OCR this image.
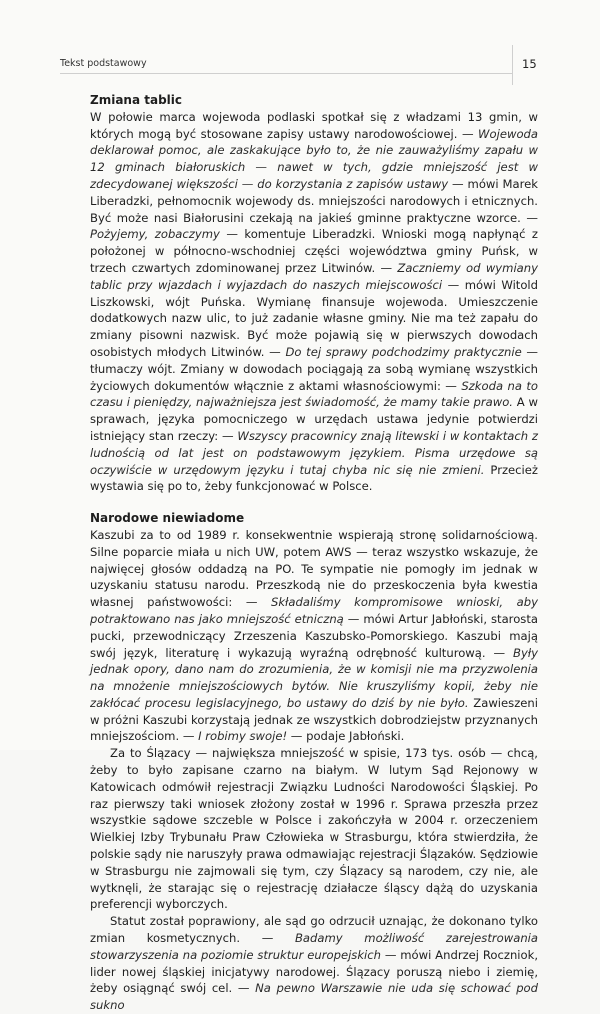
Tekst podstawowy	15
Zmiana tablic

W połowie marca wojewoda podlaski spotkał się z władzami 13 gmin, w których mogą być stosowane zapisy ustawy narodowościowej. — Wojewoda deklarował pomoc, ale zaskakujące było to, że nie zauważyliśmy zapału w 12 gminach białoruskich — nawet w tych, gdzie mniejszość jest w zdecydowanej większości — do korzystania z zapisów ustawy — mówi Marek Liberadzki, pełnomocnik wojewody ds. mniejszości narodowych i etnicznych. Być może nasi Białorusini czekają na jakieś gminne praktyczne wzorce. — Pożyjemy, zobaczymy — komentuje Liberadzki. Wnioski mogą napłynąć z położonej w północno-wschodniej części województwa gminy Puńsk, w trzech czwartych zdominowanej przez Litwinów. — Zaczniemy od wymiany tablic przy wjazdach i wyjazdach do naszych miejscowości — mówi Witold Liszkowski, wójt Puńska. Wymianę finansuje wojewoda. Umieszczenie dodatkowych nazw ulic, to już zadanie własne gminy. Nie ma też zapału do zmiany pisowni nazwisk. Być może pojawią się w pierwszych dowodach osobistych młodych Litwinów. — Do tej sprawy podchodzimy praktycznie — tłumaczy wójt. Zmiany w dowodach pociągają za sobą wymianę wszystkich życiowych dokumentów włącznie z aktami własnościowymi: — Szkoda na to czasu i pieniędzy, najważniejsza jest świadomość, że mamy takie prawo. A w sprawach, języka pomocniczego w urzędach ustawa jedynie potwierdzi istniejący stan rzeczy: — Wszyscy pracownicy znają litewski i w kontaktach z ludnością od lat jest on podstawowym językiem. Pisma urzędowe są oczywiście w urzędowym języku i tutaj chyba nic się nie zmieni. Przecież wystawia się po to, żeby funkcjonować w Polsce.

Narodowe niewiadome

Kaszubi za to od 1989 r. konsekwentnie wspierają stronę solidarnościową. Silne poparcie miała u nich UW, potem AWS — teraz wszystko wskazuje, że najwięcej głosów oddadzą na PO. Te sympatie nie pomogły im jednak w uzyskaniu statusu narodu. Przeszkodą nie do przeskoczenia była kwestia własnej państwowości: — Składaliśmy kompromisowe wnioski, aby potraktowano nas jako mniejszość etniczną — mówi Artur Jabłoński, starosta pucki, przewodniczący Zrzeszenia Kaszubsko-Pomorskiego. Kaszubi mają swój język, literaturę i wykazują wyraźną odrębność kulturową. — Były jednak opory, dano nam do zrozumienia, że w komisji nie ma przyzwolenia na mnożenie mniejszościowych bytów. Nie kruszyliśmy kopii, żeby nie zakłócać procesu legislacyjnego, bo ustawy do dziś by nie było. Zawieszeni w próżni Kaszubi korzystają jednak ze wszystkich dobrodziejstw przyznanych mniejszościom. — I robimy swoje! — podaje Jabłoński.

Za to Ślązacy — największa mniejszość w spisie, 173 tys. osób — chcą, żeby to było zapisane czarno na białym. W lutym Sąd Rejonowy w Katowicach odmówił rejestracji Związku Ludności Narodowości Śląskiej. Po raz pierwszy taki wniosek złożony został w 1996 r. Sprawa przeszła przez wszystkie sądowe szczeble w Polsce i zakończyła w 2004 r. orzeczeniem Wielkiej Izby Trybunału Praw Człowieka w Strasburgu, która stwierdziła, że polskie sądy nie naruszyły prawa odmawiając rejestracji Ślązaków. Sędziowie w Strasburgu nie zajmowali się tym, czy Ślązacy są narodem, czy nie, ale wytknęli, że starając się o rejestrację działacze śląscy dążą do uzyskania preferencji wyborczych.

Statut został poprawiony, ale sąd go odrzucił uznając, że dokonano tylko zmian kosmetycznych. — Badamy możliwość zarejestrowania stowarzyszenia na poziomie struktur europejskich — mówi Andrzej Roczniok, lider nowej śląskiej inicjatywy narodowej. Ślązacy poruszą niebo i ziemię, żeby osiągnąć swój cel. — Na pewno Warszawie nie uda się schować pod sukno
